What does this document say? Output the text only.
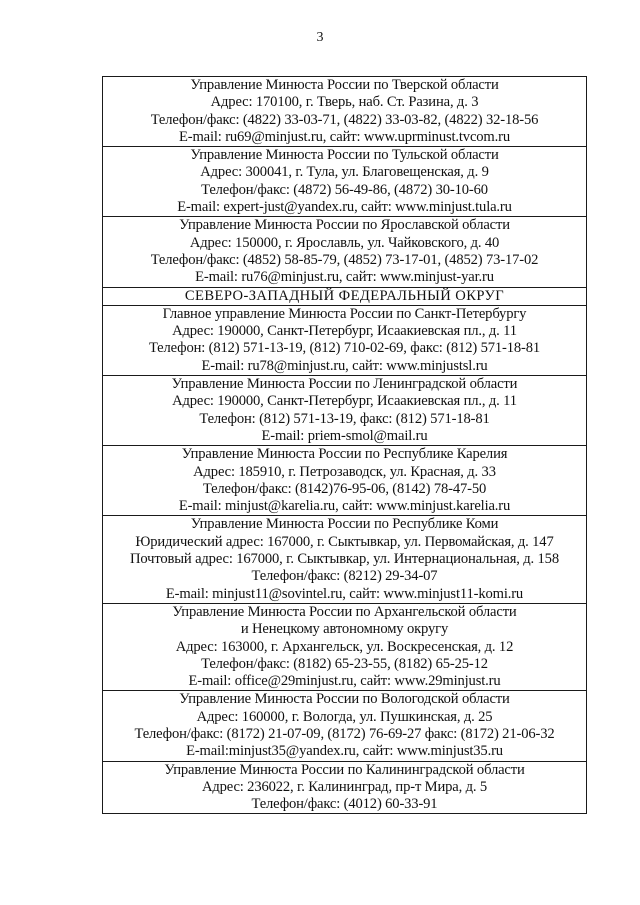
3
Управление Минюста России по Тверской области
Адрес: 170100, г. Тверь, наб. Ст. Разина, д. 3
Телефон/факс: (4822) 33-03-71, (4822) 33-03-82, (4822) 32-18-56
E-mail: ru69@minjust.ru, сайт: www.uprminust.tvcom.ru

Управление Минюста России по Тульской области
Адрес: 300041, г. Тула, ул. Благовещенская, д. 9
Телефон/факс: (4872) 56-49-86, (4872) 30-10-60
E-mail: expert-just@yandex.ru, сайт: www.minjust.tula.ru

Управление Минюста России по Ярославской области
Адрес: 150000, г. Ярославль, ул. Чайковского, д. 40
Телефон/факс: (4852) 58-85-79, (4852) 73-17-01, (4852) 73-17-02
E-mail: ru76@minjust.ru, сайт: www.minjust-yar.ru

СЕВЕРО-ЗАПАДНЫЙ ФЕДЕРАЛЬНЫЙ ОКРУГ

Главное управление Минюста России по Санкт-Петербургу
Адрес: 190000, Санкт-Петербург, Исаакиевская пл., д. 11
Телефон: (812) 571-13-19, (812) 710-02-69, факс: (812) 571-18-81
E-mail: ru78@minjust.ru, сайт: www.minjustsl.ru

Управление Минюста России по Ленинградской области
Адрес: 190000, Санкт-Петербург, Исаакиевская пл., д. 11
Телефон: (812) 571-13-19, факс: (812) 571-18-81
E-mail: priem-smol@mail.ru

Управление Минюста России по Республике Карелия
Адрес: 185910, г. Петрозаводск, ул. Красная, д. 33
Телефон/факс: (8142)76-95-06, (8142) 78-47-50
E-mail: minjust@karelia.ru, сайт: www.minjust.karelia.ru

Управление Минюста России по Республике Коми
Юридический адрес: 167000, г. Сыктывкар, ул. Первомайская, д. 147
Почтовый адрес: 167000, г. Сыктывкар, ул. Интернациональная, д. 158
Телефон/факс: (8212) 29-34-07
E-mail: minjust11@sovintel.ru, сайт: www.minjust11-komi.ru

Управление Минюста России по Архангельской области
и Ненецкому автономному округу
Адрес: 163000, г. Архангельск, ул. Воскресенская, д. 12
Телефон/факс: (8182) 65-23-55, (8182) 65-25-12
E-mail: office@29minjust.ru, сайт: www.29minjust.ru

Управление Минюста России по Вологодской области
Адрес: 160000, г. Вологда, ул. Пушкинская, д. 25
Телефон/факс: (8172) 21-07-09, (8172) 76-69-27 факс: (8172) 21-06-32
E-mail:minjust35@yandex.ru, сайт: www.minjust35.ru

Управление Минюста России по Калининградской области
Адрес: 236022, г. Калининград, пр-т Мира, д. 5
Телефон/факс: (4012) 60-33-91
